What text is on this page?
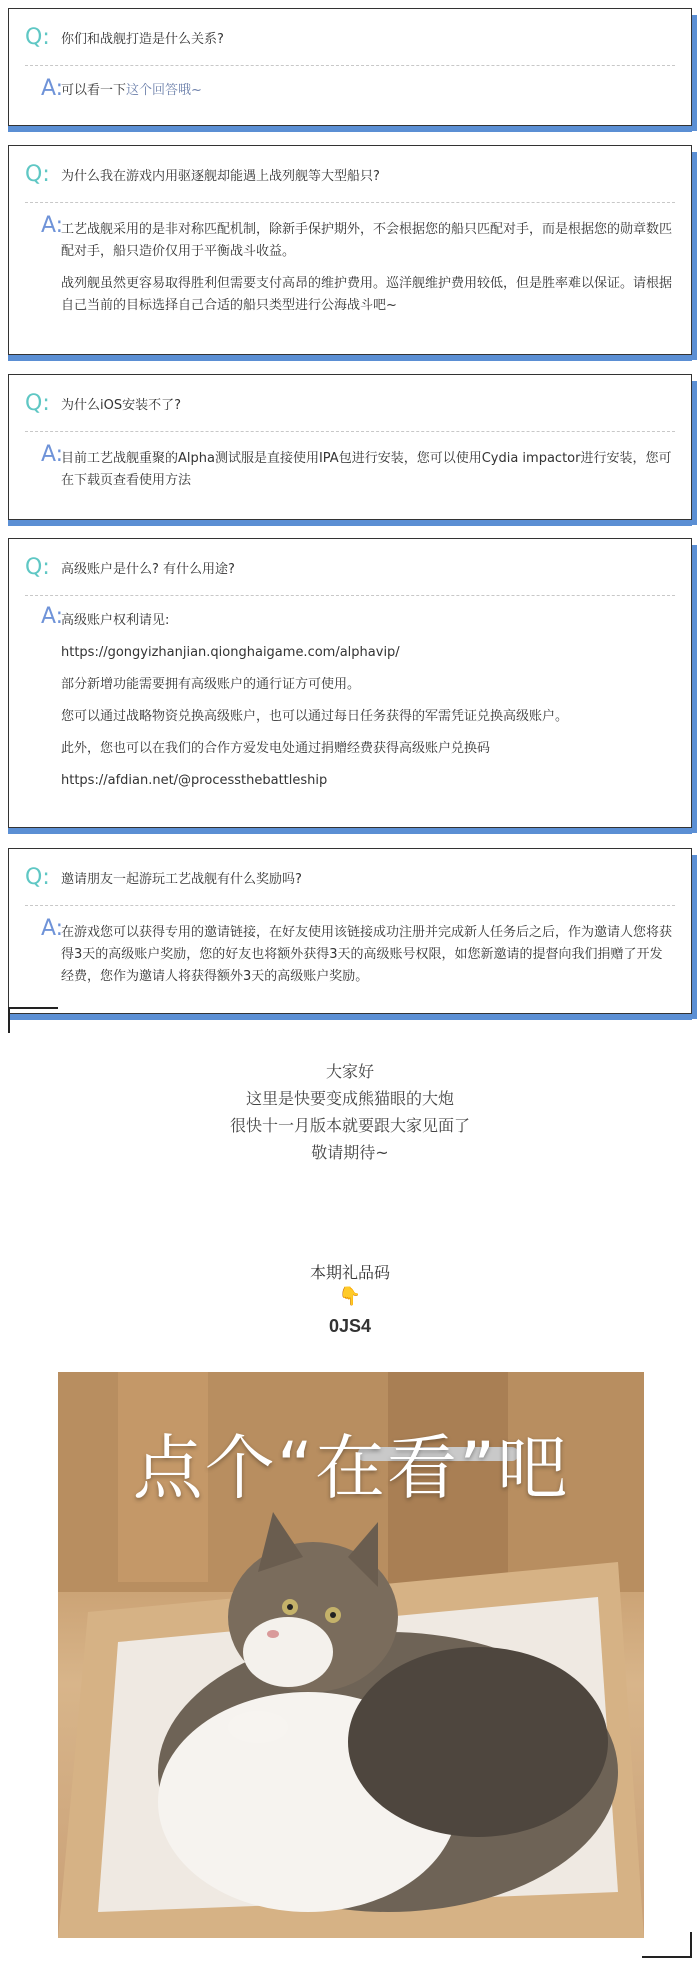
Q: 你们和战舰打造是什么关系?
A:

可以看一下这个回答哦~

Q: 为什么我在游戏内用驱逐舰却能遇上战列舰等大型船只?
A:

工艺战舰采用的是非对称匹配机制，除新手保护期外，不会根据您的船只匹配对手，而是根据您的勋章数匹配对手，船只造价仅用于平衡战斗收益。

战列舰虽然更容易取得胜利但需要支付高昂的维护费用。巡洋舰维护费用较低，但是胜率难以保证。请根据自己当前的目标选择自己合适的船只类型进行公海战斗吧~

Q: 为什么iOS安装不了?
A:

目前工艺战舰重聚的Alpha测试服是直接使用IPA包进行安装，您可以使用Cydia impactor进行安装，您可在下载页查看使用方法

Q: 高级账户是什么? 有什么用途?
A:

高级账户权利请见:

https://gongyizhanjian.qionghaigame.com/alphavip/

部分新增功能需要拥有高级账户的通行证方可使用。

您可以通过战略物资兑换高级账户，也可以通过每日任务获得的军需凭证兑换高级账户。

此外，您也可以在我们的合作方爱发电处通过捐赠经费获得高级账户兑换码

https://afdian.net/@processthebattleship

Q: 邀请朋友一起游玩工艺战舰有什么奖励吗?
A:

在游戏您可以获得专用的邀请链接，在好友使用该链接成功注册并完成新人任务后之后，作为邀请人您将获得3天的高级账户奖励，您的好友也将额外获得3天的高级账号权限，如您新邀请的提督向我们捐赠了开发经费，您作为邀请人将获得额外3天的高级账户奖励。

大家好

这里是快要变成熊猫眼的大炮

很快十一月版本就要跟大家见面了

敬请期待~

本期礼品码
👇
0JS4
点个“在看”吧
